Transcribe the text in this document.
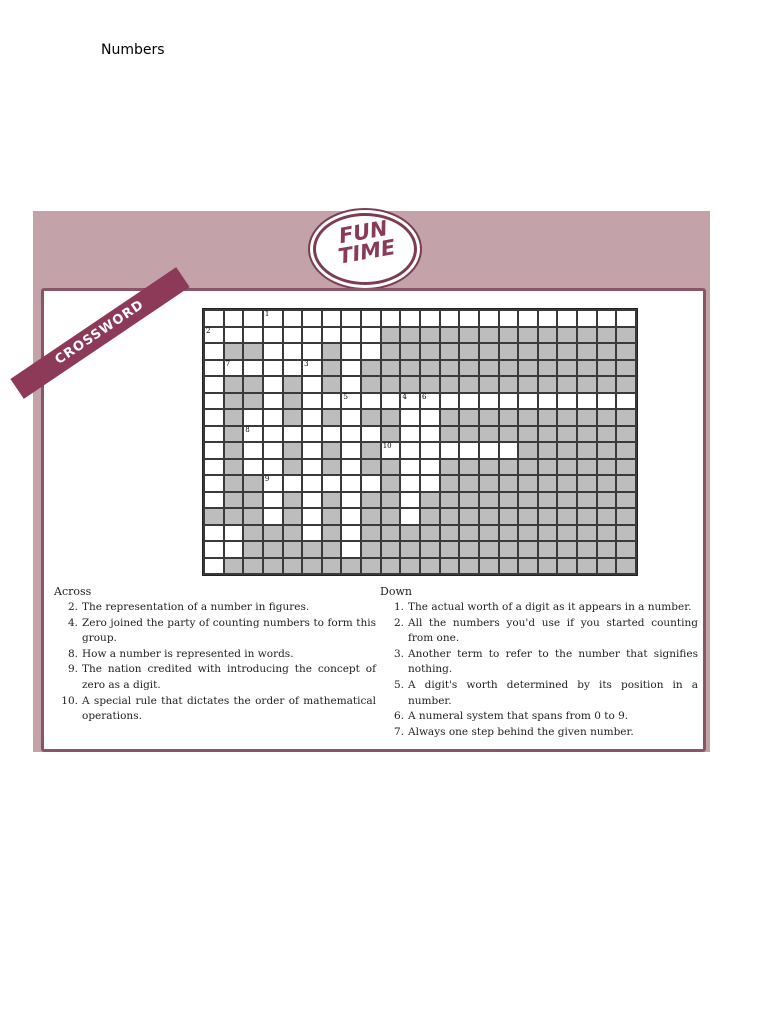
Numbers
FUN TIME
CROSSWORD	1
2
7	3
5	4 6
8
10
9
Across
2. The representation of a number in figures.
4. Zero joined the party of counting numbers to form this group.
8. How a number is represented in words.
9. The nation credited with introducing the concept of zero as a digit.
10. A special rule that dictates the order of mathematical operations.
Down
1. The actual worth of a digit as it appears in a number.
2. All the numbers you'd use if you started counting from one.
3. Another term to refer to the number that signifies nothing.
5. A digit's worth determined by its position in a number.
6. A numeral system that spans from 0 to 9.
7. Always one step behind the given number.
